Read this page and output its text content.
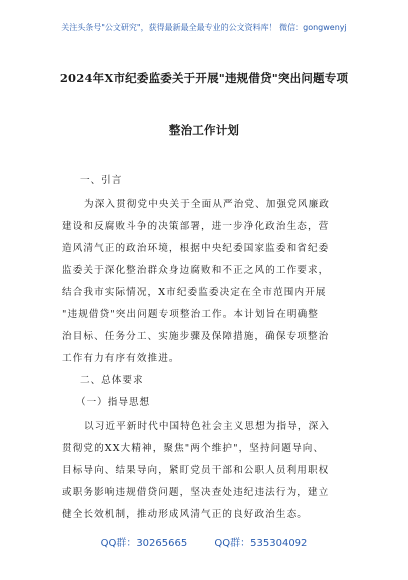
关注头条号"公文研究"，获得最新最全最专业的公文资料库！ 微信：gongwenyj
2024年X市纪委监委关于开展"违规借贷"突出问题专项
整治工作计划
一、引言
为深入贯彻党中央关于全面从严治党、加强党风廉政
建设和反腐败斗争的决策部署，进一步净化政治生态，营
造风清气正的政治环境，根据中央纪委国家监委和省纪委
监委关于深化整治群众身边腐败和不正之风的工作要求，
结合我市实际情况，X市纪委监委决定在全市范围内开展
"违规借贷"突出问题专项整治工作。本计划旨在明确整
治目标、任务分工、实施步骤及保障措施，确保专项整治
工作有力有序有效推进。
二、总体要求
（一）指导思想
以习近平新时代中国特色社会主义思想为指导，深入
贯彻党的XX大精神，聚焦"两个维护"，坚持问题导向、
目标导向、结果导向，紧盯党员干部和公职人员利用职权
或职务影响违规借贷问题，坚决查处违纪违法行为，建立
健全长效机制，推动形成风清气正的良好政治生态。
QQ群：30265665	QQ群：535304092
